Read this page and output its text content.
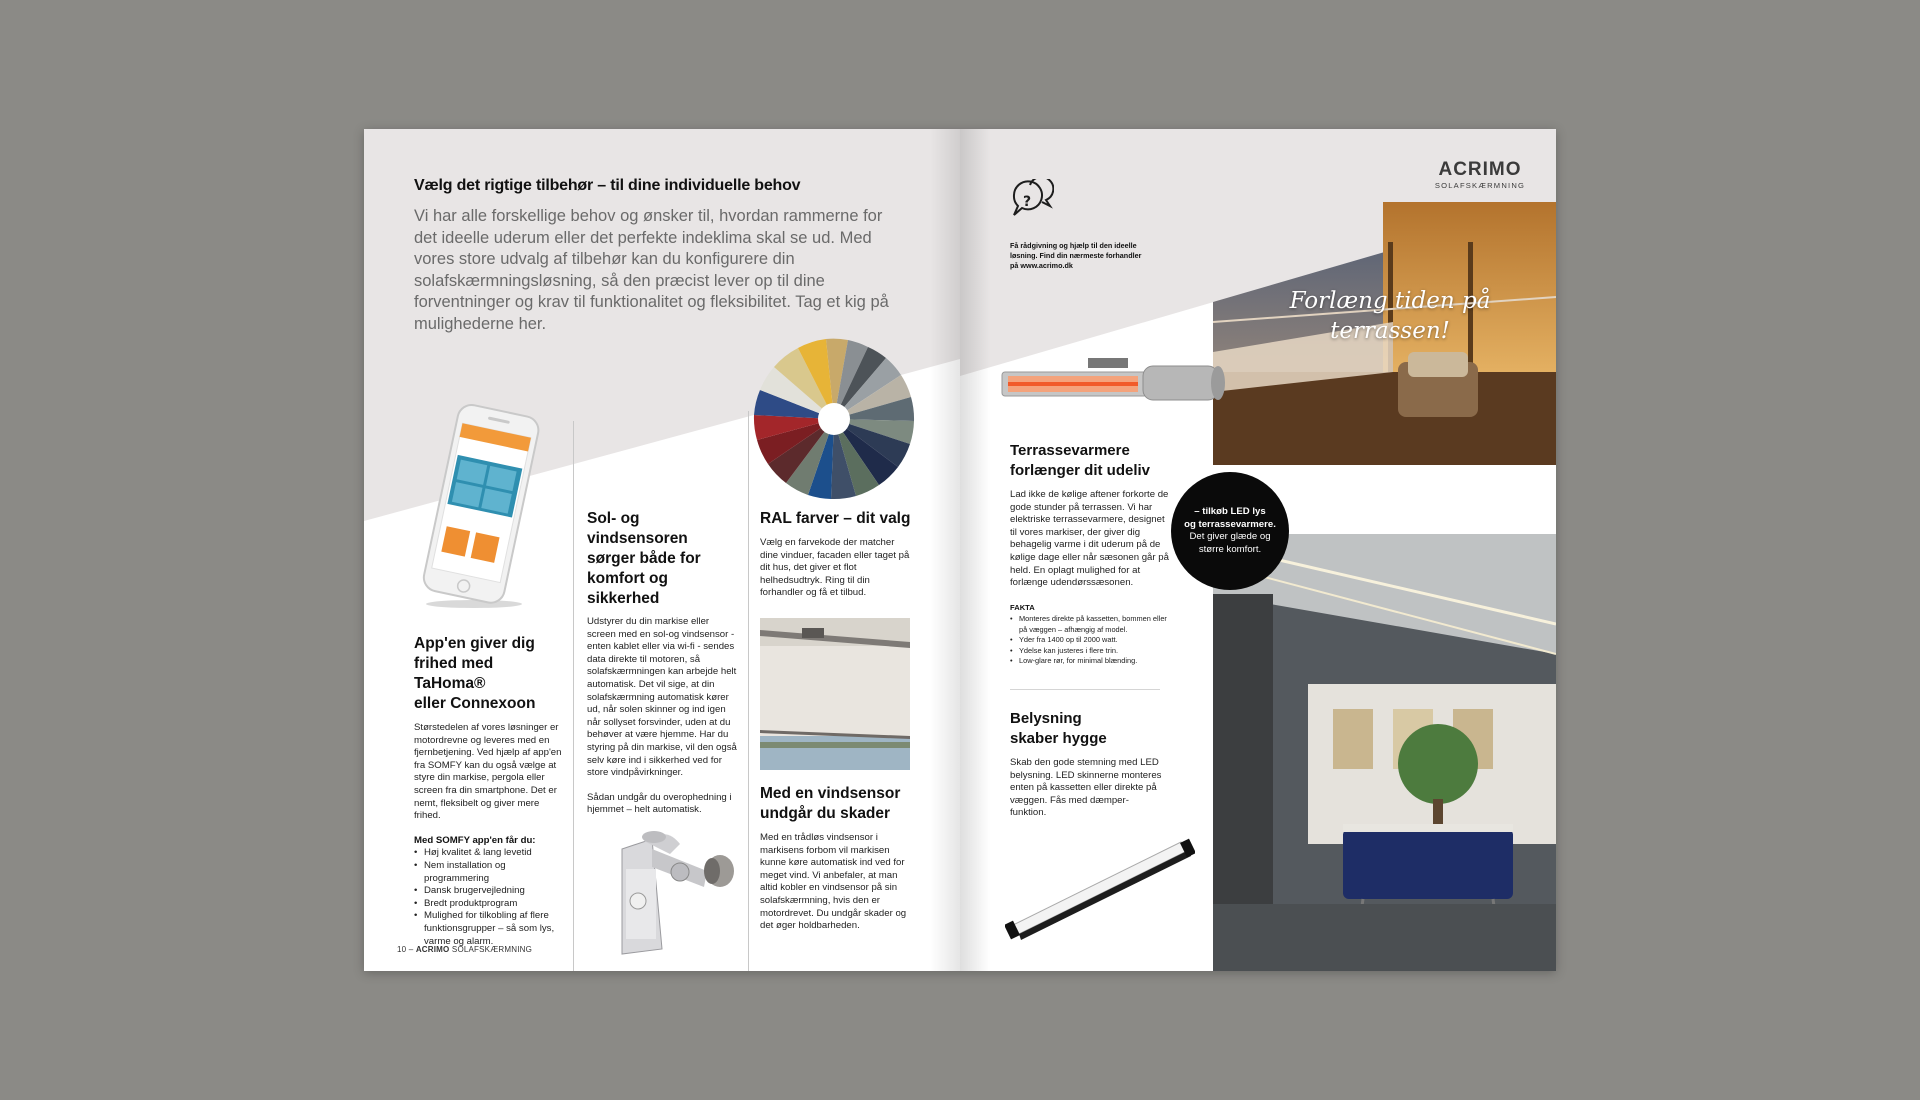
Vælg det rigtige tilbehør – til dine individuelle behov
Vi har alle forskellige behov og ønsker til, hvordan rammerne for det ideelle uderum eller det perfekte indeklima skal se ud. Med vores store udvalg af tilbehør kan du konfigurere din solafskærmningsløsning, så den præcist lever op til dine forventninger og krav til funktionalitet og fleksibilitet. Tag et kig på mulighederne her.
App'en giver dig
frihed med TaHoma®
eller Connexoon
Størstedelen af vores løsninger er motordrevne og leveres med en fjernbetjening. Ved hjælp af app'en fra SOMFY kan du også vælge at styre din markise, pergola eller screen fra din smartphone. Det er nemt, fleksibelt og giver mere frihed.
Med SOMFY app'en får du:
• Høj kvalitet & lang levetid
• Nem installation og programmering
• Dansk brugervejledning
• Bredt produktprogram
• Mulighed for tilkobling af flere funktionsgrupper – så som lys, varme og alarm.
Sol- og vindsensoren
sørger både for
komfort og sikkerhed
Udstyrer du din markise eller screen med en sol-og vindsensor - enten kablet eller via wi-fi - sendes data direkte til motoren, så solafskærmningen kan arbejde helt automatisk. Det vil sige, at din solafskærmning automatisk kører ud, når solen skinner og ind igen når sollyset forsvinder, uden at du behøver at være hjemme. Har du styring på din markise, vil den også selv køre ind i sikkerhed ved for store vindpåvirkninger.
Sådan undgår du overophedning i hjemmet – helt automatisk.
RAL farver – dit valg
Vælg en farvekode der matcher dine vinduer, facaden eller taget på dit hus, det giver et flot helhedsudtryk. Ring til din forhandler og få et tilbud.
Med en vindsensor
undgår du skader
Med en trådløs vindsensor i markisens forbom vil markisen kunne køre automatisk ind ved for meget vind. Vi anbefaler, at man altid kobler en vindsensor på sin solafskærmning, hvis den er motordrevet. Du undgår skader og det øger holdbarheden.
10 – ACRIMO SOLAFSKÆRMNING
Forlæng tiden på
terrassen!
ACRIMO
SOLAFSKÆRMNING
?
Få rådgivning og hjælp til den ideelle løsning. Find din nærmeste forhandler på www.acrimo.dk
Terrassevarmere
forlænger dit udeliv
Lad ikke de kølige aftener forkorte de gode stunder på terrassen. Vi har elektriske terrassevarmere, designet til vores markiser, der giver dig behagelig varme i dit uderum på de kølige dage eller når sæsonen går på held. En oplagt mulighed for at forlænge udendørssæsonen.
FAKTA
• Monteres direkte på kassetten, bommen eller på væggen – afhængig af model.
• Yder fra 1400 op til 2000 watt.
• Ydelse kan justeres i flere trin.
• Low-glare rør, for minimal blænding.
Belysning
skaber hygge
Skab den gode stemning med LED belysning. LED skinnerne monteres enten på kassetten eller direkte på væggen. Fås med dæmper-funktion.
– tilkøb LED lys
og terrassevarmere.
Det giver glæde og
større komfort.
